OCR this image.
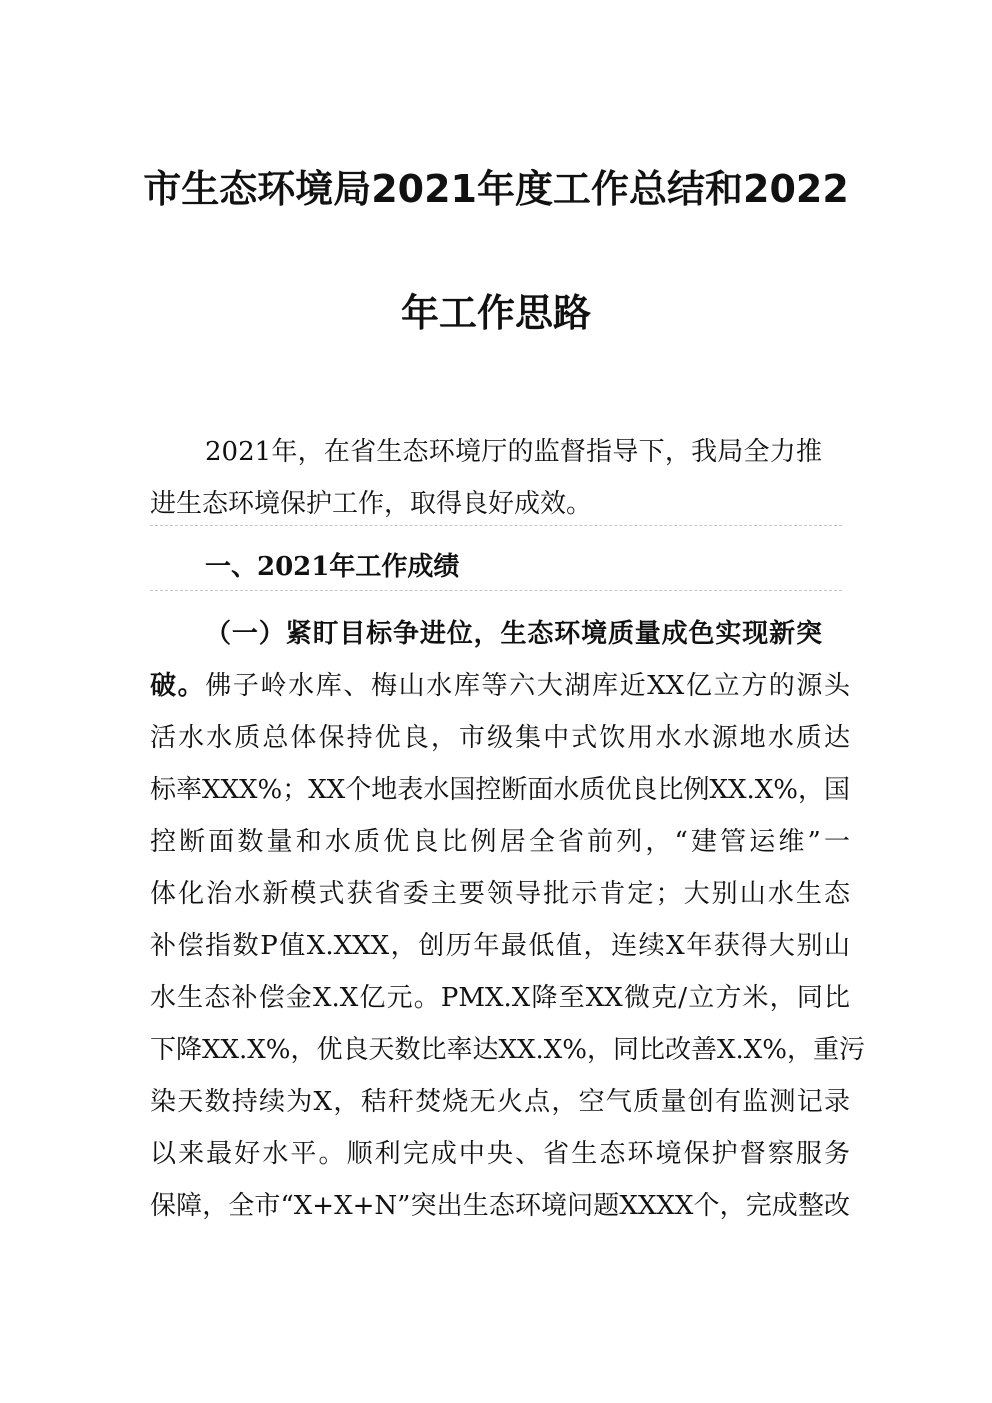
市生态环境局2021年度工作总结和2022
年工作思路
2021年，在省生态环境厅的监督指导下，我局全力推
进生态环境保护工作，取得良好成效。
一、2021年工作成绩
（一）紧盯目标争进位，生态环境质量成色实现新突
破。佛子岭水库、梅山水库等六大湖库近XX亿立方的源头
活水水质总体保持优良，市级集中式饮用水水源地水质达
标率XXX%；XX个地表水国控断面水质优良比例XX.X%，国
控断面数量和水质优良比例居全省前列，“建管运维”一
体化治水新模式获省委主要领导批示肯定；大别山水生态
补偿指数P值X.XXX，创历年最低值，连续X年获得大别山
水生态补偿金X.X亿元。PMX.X降至XX微克/立方米，同比
下降XX.X%，优良天数比率达XX.X%，同比改善X.X%，重污
染天数持续为X，秸秆焚烧无火点，空气质量创有监测记录
以来最好水平。顺利完成中央、省生态环境保护督察服务
保障，全市“X+X+N”突出生态环境问题XXXX个，完成整改
